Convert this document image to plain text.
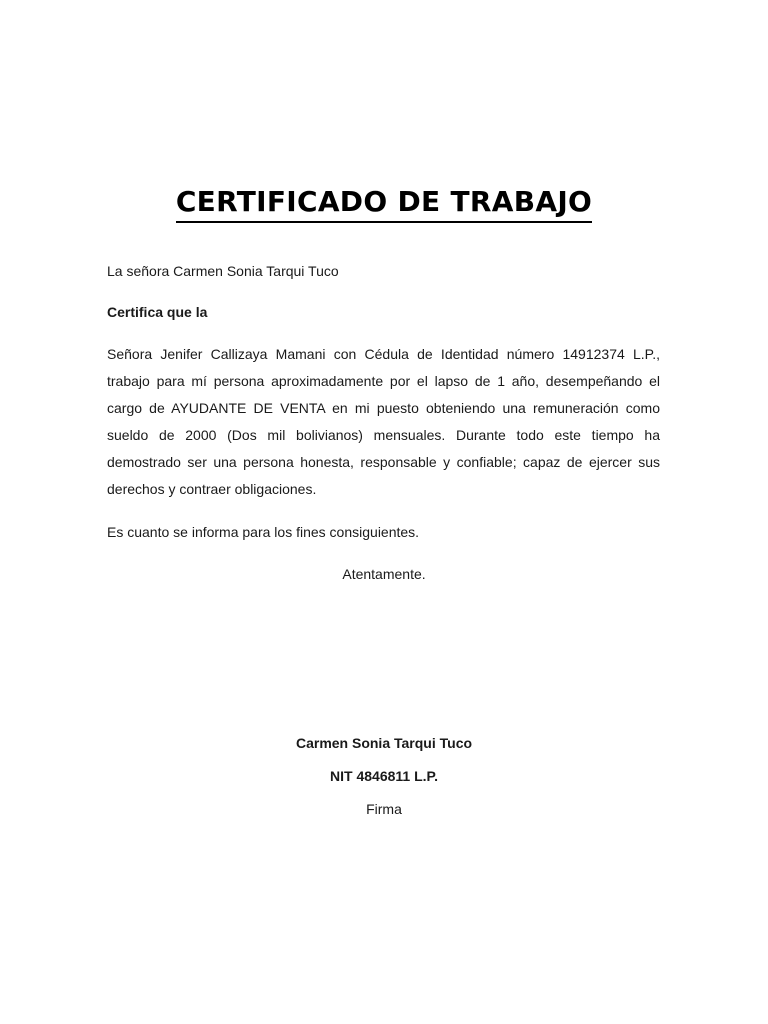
CERTIFICADO DE TRABAJO

La señora Carmen Sonia Tarqui Tuco

Certifica que la

Señora Jenifer Callizaya Mamani con Cédula de Identidad número 14912374 L.P., trabajo para mí persona aproximadamente por el lapso de 1 año, desempeñando el cargo de AYUDANTE DE VENTA en mi puesto obteniendo una remuneración como sueldo de 2000 (Dos mil bolivianos) mensuales. Durante todo este tiempo ha demostrado ser una persona honesta, responsable y confiable; capaz de ejercer sus derechos y contraer obligaciones.

Es cuanto se informa para los fines consiguientes.

Atentamente.

Carmen Sonia Tarqui Tuco

NIT 4846811 L.P.

Firma
